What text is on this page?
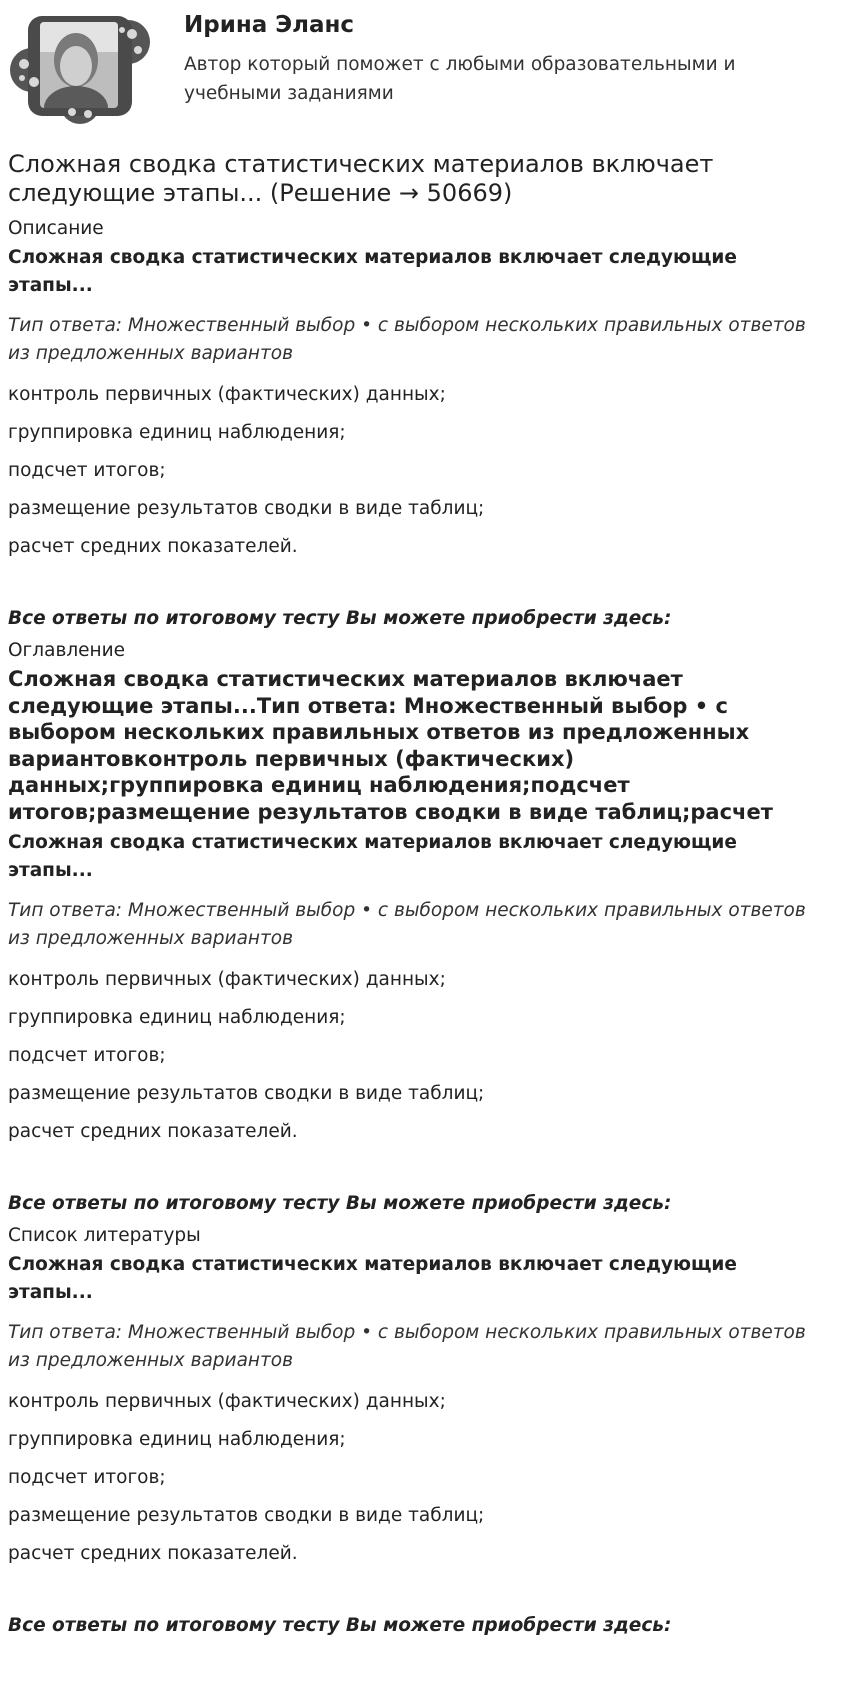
Ирина Эланс
Автор который поможет с любыми образовательными и учебными заданиями
Сложная сводка статистических материалов включает следующие этапы... (Решение → 50669)
Описание
Сложная сводка статистических материалов включает следующие этапы...
Тип ответа: Множественный выбор • с выбором нескольких правильных ответов из предложенных вариантов
контроль первичных (фактических) данных;
группировка единиц наблюдения;
подсчет итогов;
размещение результатов сводки в виде таблиц;
расчет средних показателей.
Все ответы по итоговому тесту Вы можете приобрести здесь:
Оглавление
Сложная сводка статистических материалов включает следующие этапы...Тип ответа: Множественный выбор • с выбором нескольких правильных ответов из предложенных вариантовконтроль первичных (фактических) данных;группировка единиц наблюдения;подсчет итогов;размещение результатов сводки в виде таблиц;расчет
Сложная сводка статистических материалов включает следующие этапы...
Тип ответа: Множественный выбор • с выбором нескольких правильных ответов из предложенных вариантов
контроль первичных (фактических) данных;
группировка единиц наблюдения;
подсчет итогов;
размещение результатов сводки в виде таблиц;
расчет средних показателей.
Все ответы по итоговому тесту Вы можете приобрести здесь:
Список литературы
Сложная сводка статистических материалов включает следующие этапы...
Тип ответа: Множественный выбор • с выбором нескольких правильных ответов из предложенных вариантов
контроль первичных (фактических) данных;
группировка единиц наблюдения;
подсчет итогов;
размещение результатов сводки в виде таблиц;
расчет средних показателей.
Все ответы по итоговому тесту Вы можете приобрести здесь:
